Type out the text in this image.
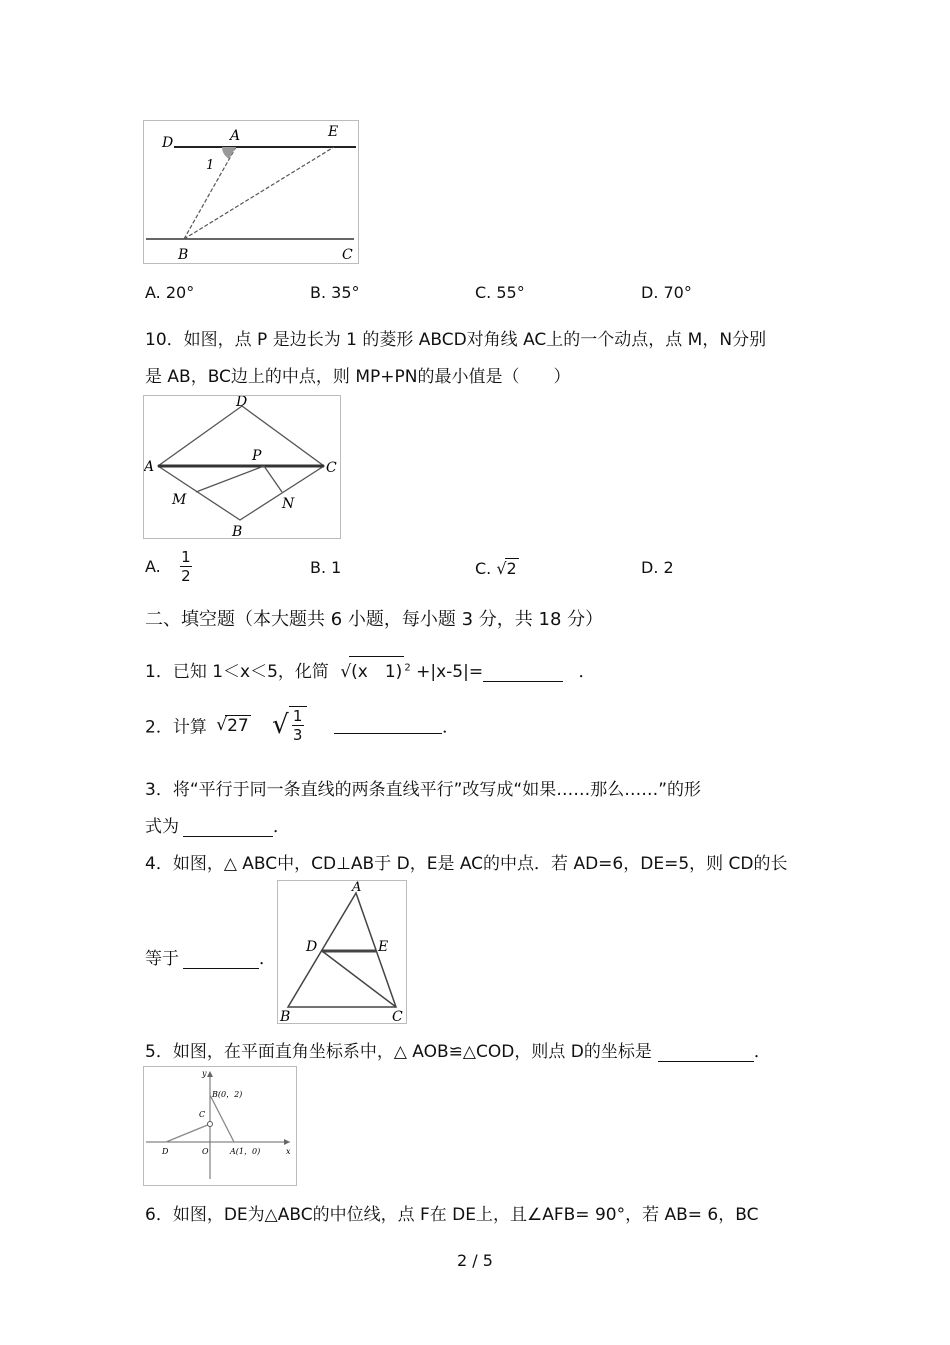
D	A	E
1
B	C
A. 20°	B. 35°	C. 55°	D. 70°
10．如图，点 P 是边长为 1 的菱形 ABCD对角线 AC上的一个动点，点 M，N分别
是 AB，BC边上的中点，则 MP+PN的最小值是（　　）
D
A
P
C
M	N
B
A. $\frac{1}{2}$	B. 1	C. √2	D. 2
二、填空题（本大题共 6 小题，每小题 3 分，共 18 分）
1．已知 1＜x＜5，化简 √(x　1) $^2$ +|x-5|=	．
2．计算 √27 √ $\frac{1}{3}$	．
3．将“平行于同一条直线的两条直线平行”改写成“如果……那么……”的形
式为	．
4．如图，△ ABC中，CD⊥AB于 D，E是 AC的中点．若 AD=6，DE=5，则 CD的长
等于	．
A
D	E
B	C
5．如图，在平面直角坐标系中，△ AOB≌△COD，则点 D的坐标是	．
y
x
B(0，2)
C
D	O	A(1，0)
6．如图，DE为△ABC的中位线，点 F在 DE上，且∠AFB= 90°，若 AB= 6，BC
2 / 5
